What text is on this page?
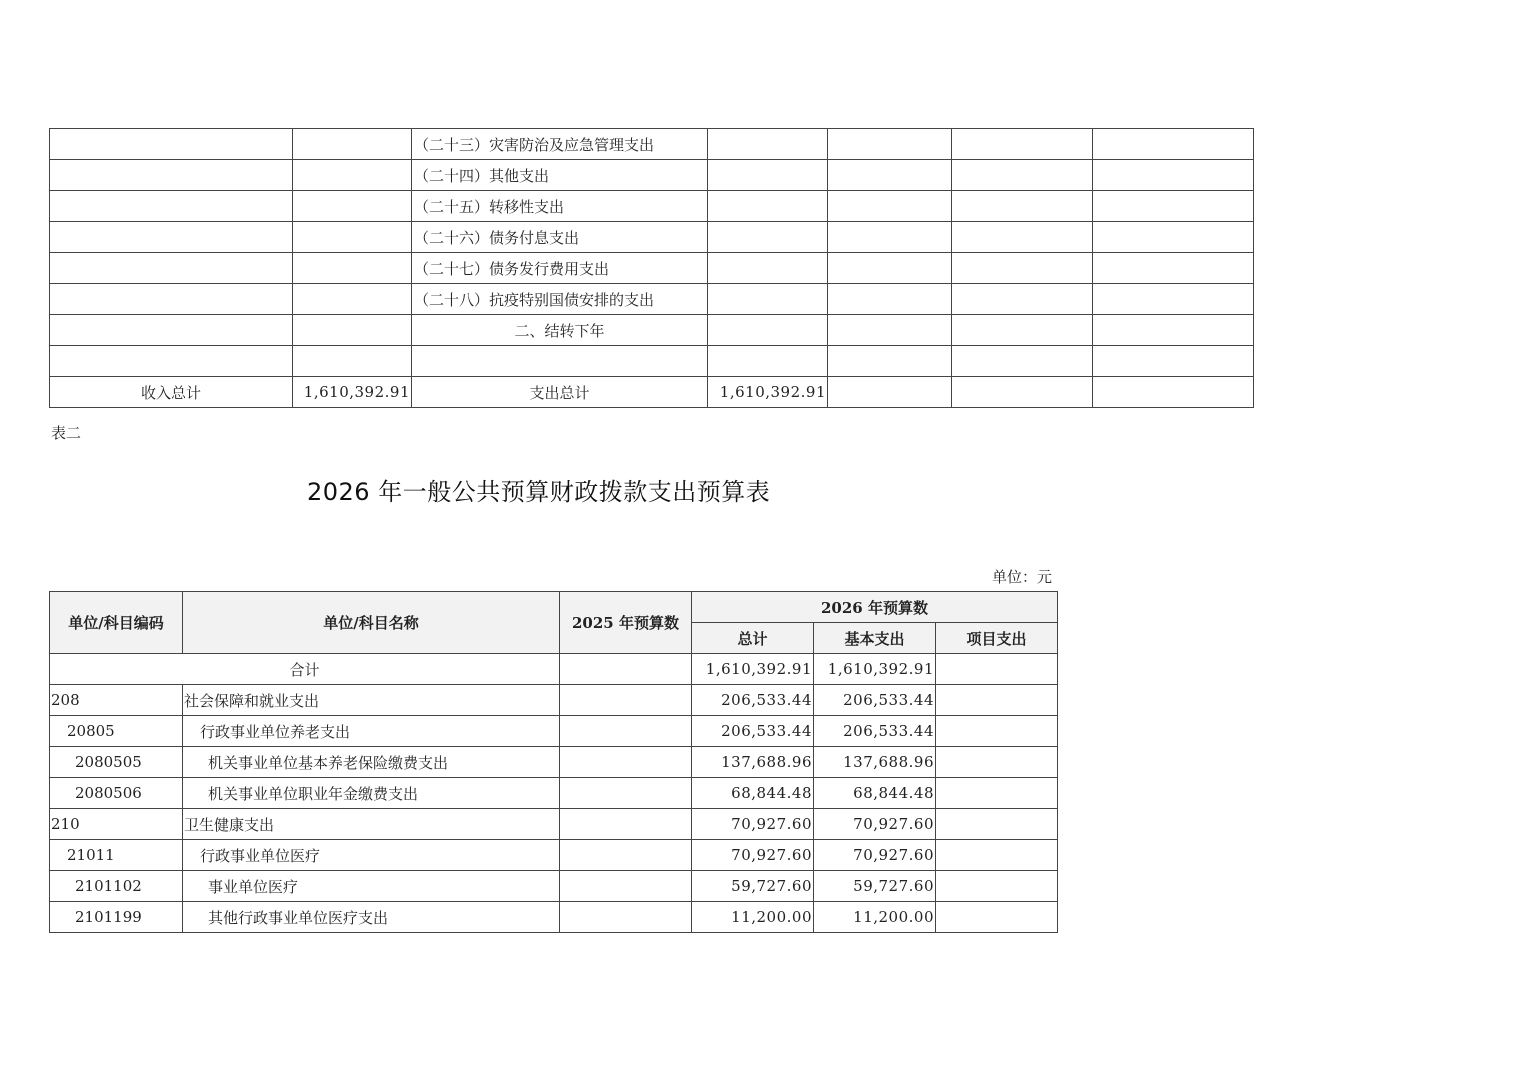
		（二十三）灾害防治及应急管理支出				
		（二十四）其他支出				
		（二十五）转移性支出				
		（二十六）债务付息支出				
		（二十七）债务发行费用支出				
		（二十八）抗疫特别国债安排的支出				
		二、结转下年				

收入总计	1,610,392.91	支出总计	1,610,392.91			
表二
2026 年一般公共预算财政拨款支出预算表
单位：元
单位/科目编码	单位/科目名称	2025 年预算数	2026 年预算数		
			总计	基本支出	项目支出
合计			1,610,392.91	1,610,392.91	
208	社会保障和就业支出		206,533.44	206,533.44	
20805	行政事业单位养老支出		206,533.44	206,533.44	
2080505	机关事业单位基本养老保险缴费支出		137,688.96	137,688.96	
2080506	机关事业单位职业年金缴费支出		68,844.48	68,844.48	
210	卫生健康支出		70,927.60	70,927.60	
21011	行政事业单位医疗		70,927.60	70,927.60	
2101102	事业单位医疗		59,727.60	59,727.60	
2101199	其他行政事业单位医疗支出		11,200.00	11,200.00	
